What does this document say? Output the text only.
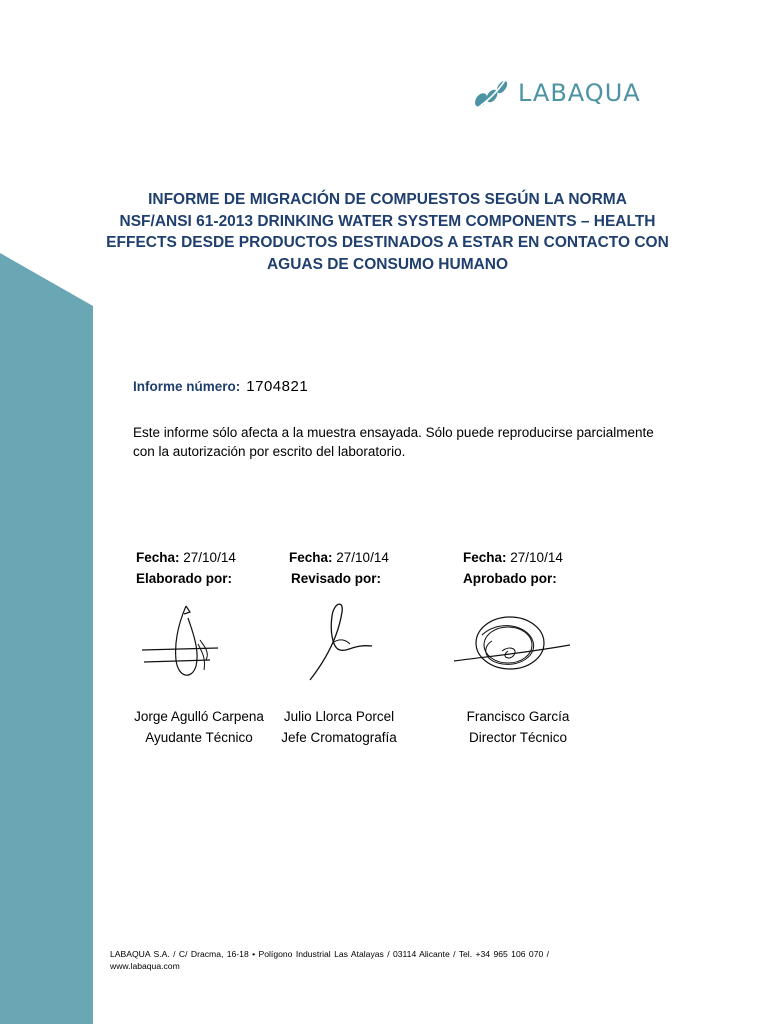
LABAQUA
INFORME DE MIGRACIÓN DE COMPUESTOS SEGÚN LA NORMA
NSF/ANSI 61-2013 DRINKING WATER SYSTEM COMPONENTS – HEALTH
EFFECTS DESDE PRODUCTOS DESTINADOS A ESTAR EN CONTACTO CON
AGUAS DE CONSUMO HUMANO
Informe número: 1704821
Este informe sólo afecta a la muestra ensayada. Sólo puede reproducirse parcialmente
con la autorización por escrito del laboratorio.
Fecha: 27/10/14
Elaborado por:
Fecha: 27/10/14
Revisado por:
Fecha: 27/10/14
Aprobado por:
Jorge Agulló Carpena
Ayudante Técnico
Julio Llorca Porcel
Jefe Cromatografía
Francisco García
Director Técnico
LABAQUA S.A. / C/ Dracma, 16-18 • Polígono Industrial Las Atalayas / 03114 Alicante / Tel. +34 965 106 070 /
www.labaqua.com
